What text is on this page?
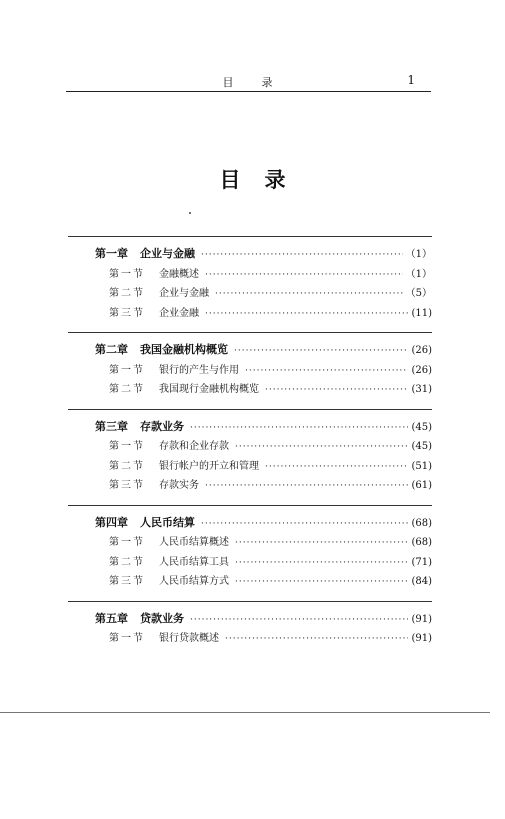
目 录	1
目 录
第一章 企业与金融 ·····	（1）
第一节 金融概述 ·····	（1）
第二节 企业与金融 ·····	（5）
第三节 企业金融 ·····	(11)
第二章 我国金融机构概览 ·····	(26)
第一节 银行的产生与作用 ·····	(26)
第二节 我国现行金融机构概览 ·····	(31)
第三章 存款业务 ·····	(45)
第一节 存款和企业存款 ·····	(45)
第二节 银行帐户的开立和管理 ·····	(51)
第三节 存款实务 ·····	(61)
第四章 人民币结算 ·····	(68)
第一节 人民币结算概述 ·····	(68)
第二节 人民币结算工具 ·····	(71)
第三节 人民币结算方式 ·····	(84)
第五章 贷款业务 ·····	(91)
第一节 银行贷款概述 ·····	(91)
